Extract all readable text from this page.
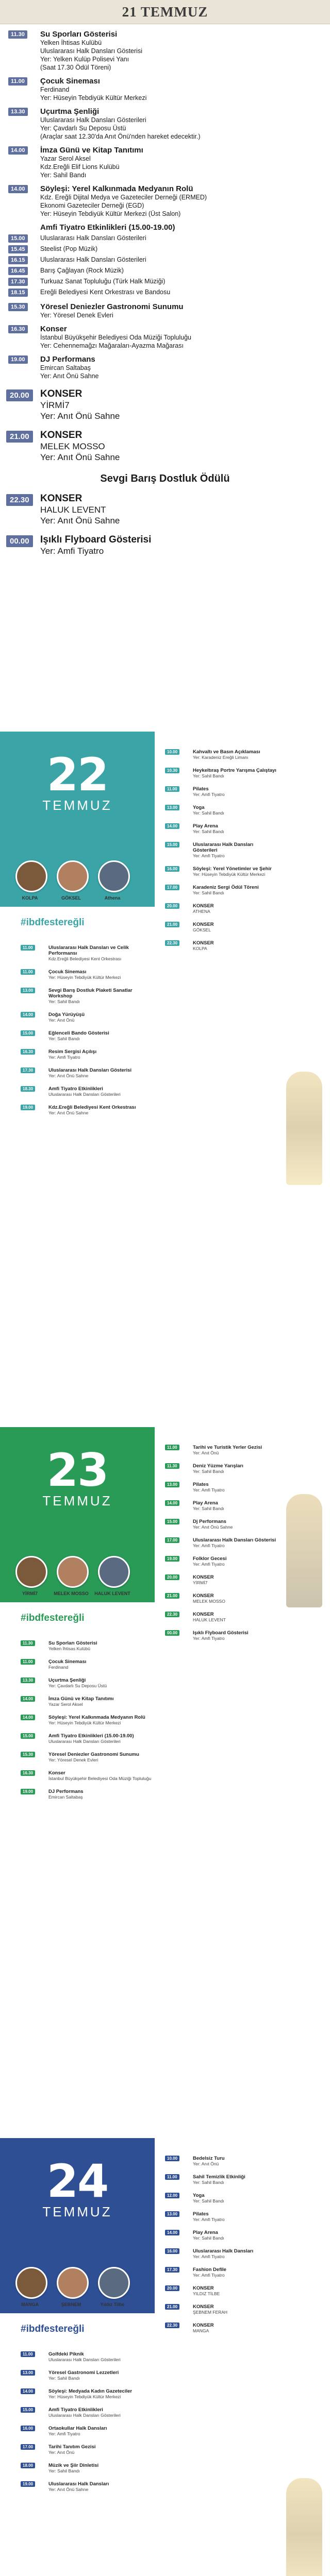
21 TEMMUZ
11.30	Su Sporları Gösterisi
Yelken İhtisas Kulübü
Uluslararası Halk Dansları Gösterisi
Yer: Yelken Kulüp Polisevi Yanı
(Saat 17.30 Ödül Töreni)
11.00	Çocuk Sineması
Ferdinand
Yer: Hüseyin Tebdiyük Kültür Merkezi
13.30	Uçurtma Şenliği
Uluslararası Halk Dansları Gösterileri
Yer: Çavdarlı Su Deposu Üstü
(Araçlar saat 12.30'da Anıt Önü'nden hareket edecektir.)
14.00	İmza Günü ve Kitap Tanıtımı
Yazar Serol Aksel
Kdz.Ereğli Elif Lions Kulübü
Yer: Sahil Bandı
14.00	Söyleşi: Yerel Kalkınmada Medyanın Rolü
Kdz. Ereğli Dijital Medya ve Gazeteciler Derneği (ERMED)
Ekonomi Gazeteciler Derneği (EGD)
Yer: Hüseyin Tebdiyük Kültür Merkezi (Üst Salon)
Amfi Tiyatro Etkinlikleri (15.00-19.00)
15.00	Uluslararası Halk Dansları Gösterileri
15.45	Steelist (Pop Müzik)
16.15	Uluslararası Halk Dansları Gösterileri
16.45	Barış Çağlayan (Rock Müzik)
17.30	Turkuaz Sanat Topluluğu (Türk Halk Müziği)
18.15	Ereğli Belediyesi Kent Orkestrası ve Bandosu
15.30	Yöresel Deniezler Gastronomi Sunumu
Yer: Yöresel Denek Evleri
16.30	Konser
İstanbul Büyükşehir Belediyesi Oda Müziği Topluluğu
Yer: Cehennemağzı Mağaraları-Ayazma Mağarası
19.00	DJ Performans
Emircan Saltabaş
Yer: Anıt Önü Sahne
20.00	KONSER
YİRMİ7
Yer: Anıt Önü Sahne
21.00	KONSER
MELEK MOSSO
Yer: Anıt Önü Sahne
Sevgi Barış Dostluk Ödülü
22.30	KONSER
HALUK LEVENT
Yer: Anıt Önü Sahne
00.00	Işıklı Flyboard Gösterisi
Yer: Amfi Tiyatro
22
TEMMUZ
KOLPA	GÖKSEL	Athena
#ibdfestereğli
11.00	Uluslararası Halk Dansları ve Celik Performansı
Kdz.Ereğli Belediyesi Kent Orkestrası
11.00	Çocuk Sineması
Yer: Hüseyin Tebdiyük Kültür Merkezi
13.00	Sevgi Barış Dostluk Plaketi Sanatlar Workshop
Yer: Sahil Bandı
14.00	Doğa Yürüyüşü
Yer: Anıt Önü
15.00	Eğlenceli Bando Gösterisi
Yer: Sahil Bandı
16.30	Resim Sergisi Açılışı
Yer: Amfi Tiyatro
17.30	Uluslararası Halk Dansları Gösterisi
Yer: Anıt Önü Sahne
18.30	Amfi Tiyatro Etkinlikleri
Uluslararası Halk Dansları Gösterileri
19.00	Kdz.Ereğli Belediyesi Kent Orkestrası
Yer: Anıt Önü Sahne
10.00	Kahvaltı ve Basın Açıklaması
Yer: Karadeniz Ereğli Limanı
10.30	Heykeltıraş Portre Yarışma Çalıştayı
Yer: Sahil Bandı
11.00	Pilates
Yer: Amfi Tiyatro
13.00	Yoga
Yer: Sahil Bandı
14.00	Play Arena
Yer: Sahil Bandı
15.00	Uluslararası Halk Dansları Gösterileri
Yer: Amfi Tiyatro
16.00	Söyleşi: Yerel Yönetimler ve Şehir
Yer: Hüseyin Tebdiyük Kültür Merkezi
17.00	Karadeniz Sergi Ödül Töreni
Yer: Sahil Bandı
20.00	KONSER
ATHENA
21.00	KONSER
GÖKSEL
22.30	KONSER
KOLPA
23
TEMMUZ
YİRMİ7	MELEK MOSSO	HALUK LEVENT
#ibdfestereğli
11.30	Su Sporları Gösterisi
Yelken İhtisas Kulübü
11.00	Çocuk Sineması
Ferdinand
13.30	Uçurtma Şenliği
Yer: Çavdarlı Su Deposu Üstü
14.00	İmza Günü ve Kitap Tanıtımı
Yazar Serol Aksel
14.00	Söyleşi: Yerel Kalkınmada Medyanın Rolü
Yer: Hüseyin Tebdiyük Kültür Merkezi
15.00	Amfi Tiyatro Etkinlikleri (15.00-19.00)
Uluslararası Halk Dansları Gösterileri
15.30	Yöresel Deniezler Gastronomi Sunumu
Yer: Yöresel Denek Evleri
16.30	Konser
İstanbul Büyükşehir Belediyesi Oda Müziği Topluluğu
19.00	DJ Performans
Emircan Saltabaş
11.00	Tarihi ve Turistik Yerler Gezisi
Yer: Anıt Önü
11.30	Deniz Yüzme Yarışları
Yer: Sahil Bandı
13.00	Pilates
Yer: Amfi Tiyatro
14.00	Play Arena
Yer: Sahil Bandı
15.00	Dj Performans
Yer: Anıt Önü Sahne
17.00	Uluslararası Halk Dansları Gösterisi
Yer: Amfi Tiyatro
19.00	Folklor Gecesi
Yer: Amfi Tiyatro
20.00	KONSER
YİRMİ7
21.00	KONSER
MELEK MOSSO
22.30	KONSER
HALUK LEVENT
00.00	Işıklı Flyboard Gösterisi
Yer: Amfi Tiyatro
24
TEMMUZ
MANGA	ŞEBNEM	Yıldız Tilbe
#ibdfestereğli
11.00	Golfdeki Piknik
Uluslararası Halk Dansları Gösterileri
13.00	Yöresel Gastronomi Lezzetleri
Yer: Sahil Bandı
14.00	Söyleşi: Medyada Kadın Gazeteciler
Yer: Hüseyin Tebdiyük Kültür Merkezi
15.00	Amfi Tiyatro Etkinlikleri
Uluslararası Halk Dansları Gösterileri
16.00	Ortaokullar Halk Dansları
Yer: Amfi Tiyatro
17.00	Tarihi Tanıtım Gezisi
Yer: Anıt Önü
18.00	Müzik ve Şiir Dinletisi
Yer: Sahil Bandı
19.00	Uluslararası Halk Dansları
Yer: Anıt Önü Sahne
10.00	Bedelsiz Turu
Yer: Anıt Önü
11.00	Sahil Temizlik Etkinliği
Yer: Sahil Bandı
12.00	Yoga
Yer: Sahil Bandı
13.00	Pilates
Yer: Amfi Tiyatro
14.00	Play Arena
Yer: Sahil Bandı
16.00	Uluslararası Halk Dansları
Yer: Amfi Tiyatro
17.30	Fashion Defile
Yer: Amfi Tiyatro
20.00	KONSER
YILDIZ TİLBE
21.00	KONSER
ŞEBNEM FERAH
22.30	KONSER
MANGA
